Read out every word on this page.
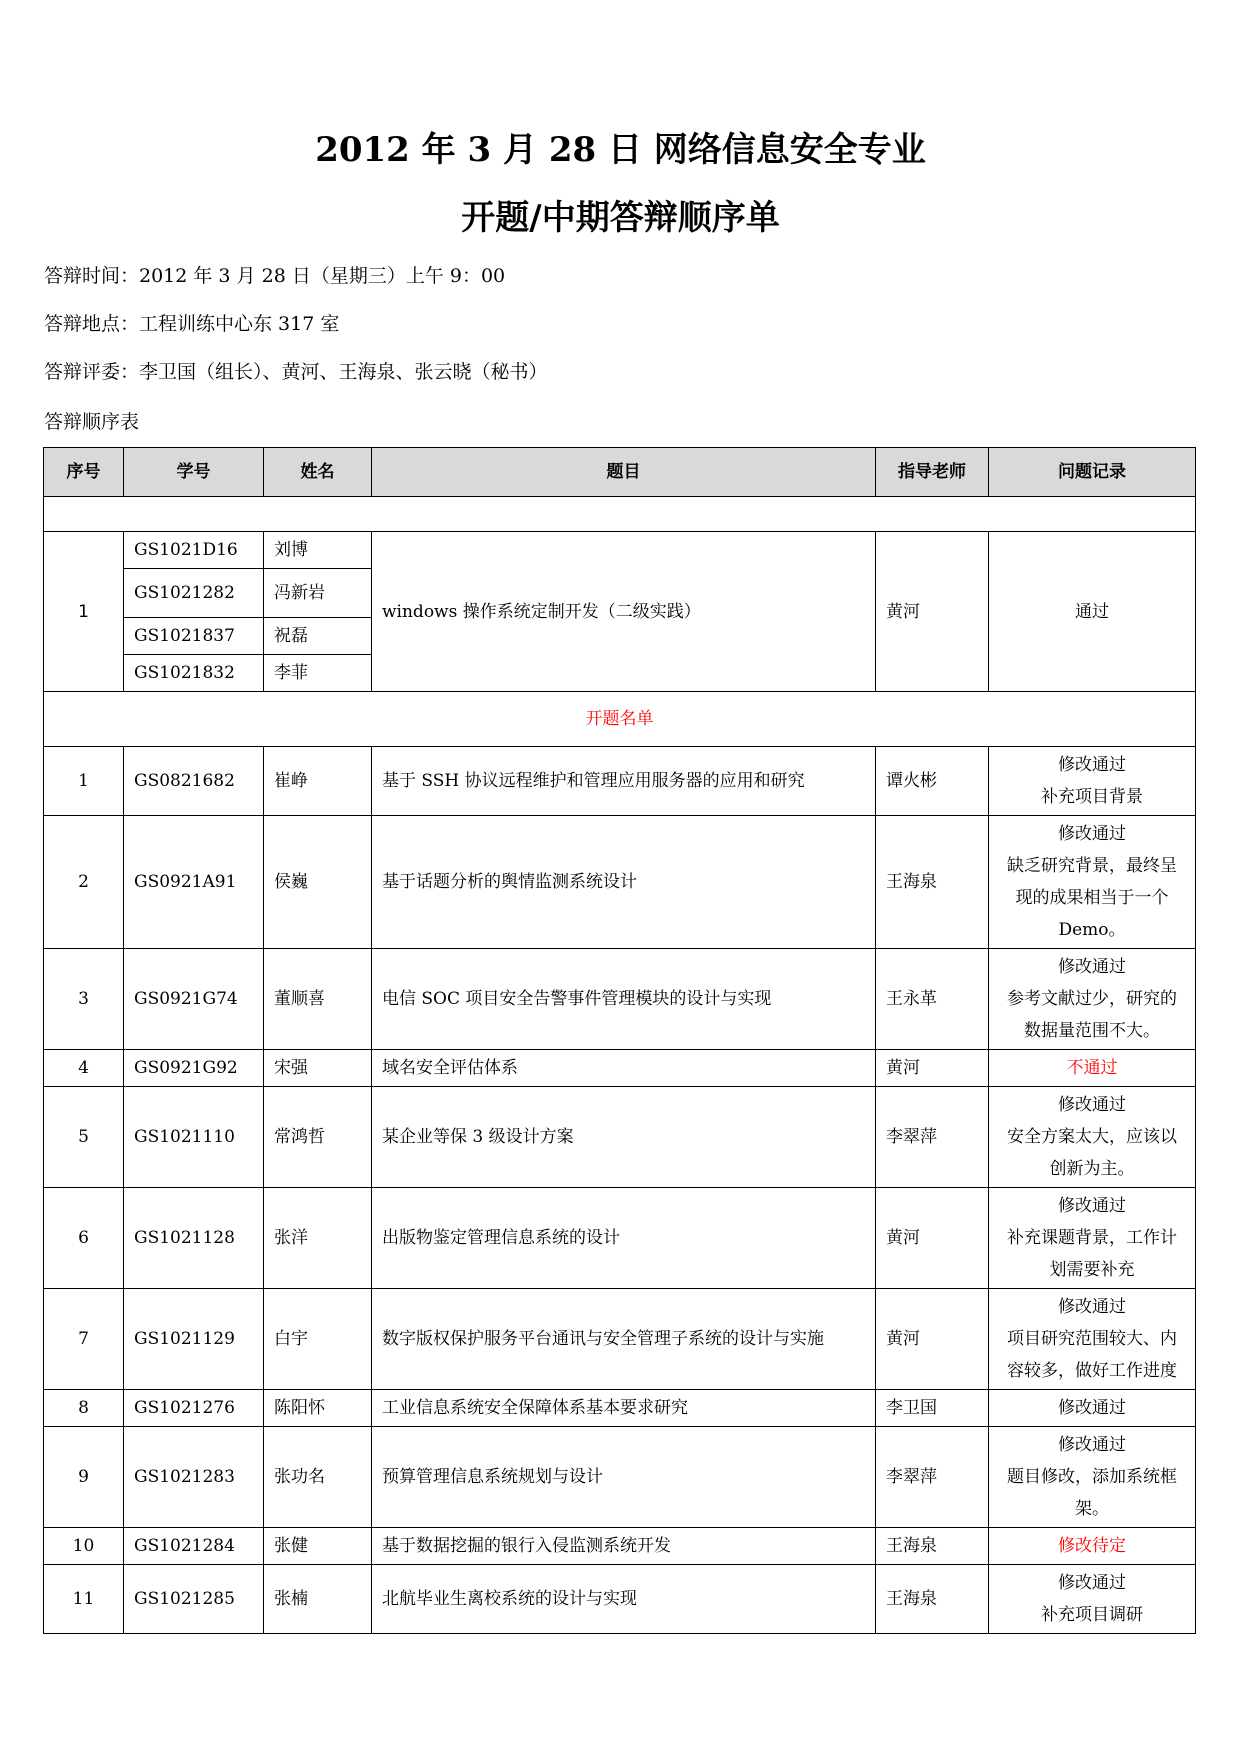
2012 年 3 月 28 日 网络信息安全专业
开题/中期答辩顺序单
答辩时间：2012 年 3 月 28 日（星期三）上午 9：00
答辩地点：工程训练中心东 317 室
答辩评委：李卫国（组长）、黄河、王海泉、张云晓（秘书）
答辩顺序表
序号	学号	姓名	题目	指导老师	问题记录

1	GS1021D16	刘博	windows 操作系统定制开发（二级实践）	黄河	通过
	GS1021282	冯新岩			
	GS1021837	祝磊			
	GS1021832	李菲			
开题名单					
1	GS0821682	崔峥	基于 SSH 协议远程维护和管理应用服务器的应用和研究	谭火彬	修改通过
补充项目背景

2	GS0921A91	侯巍	基于话题分析的舆情监测系统设计	王海泉	修改通过
缺乏研究背景，最终呈现的成果相当于一个 Demo。

3	GS0921G74	董顺喜	电信 SOC 项目安全告警事件管理模块的设计与实现	王永革	修改通过
参考文献过少，研究的数据量范围不大。

4	GS0921G92	宋强	域名安全评估体系	黄河	不通过

5	GS1021110	常鸿哲	某企业等保 3 级设计方案	李翠萍	修改通过
安全方案太大，应该以创新为主。

6	GS1021128	张洋	出版物鉴定管理信息系统的设计	黄河	修改通过
补充课题背景，工作计划需要补充

7	GS1021129	白宇	数字版权保护服务平台通讯与安全管理子系统的设计与实施	黄河	修改通过
项目研究范围较大、内容较多，做好工作进度

8	GS1021276	陈阳怀	工业信息系统安全保障体系基本要求研究	李卫国	修改通过

9	GS1021283	张功名	预算管理信息系统规划与设计	李翠萍	修改通过
题目修改，添加系统框架。

10	GS1021284	张健	基于数据挖掘的银行入侵监测系统开发	王海泉	修改待定

11	GS1021285	张楠	北航毕业生离校系统的设计与实现	王海泉	修改通过
补充项目调研
